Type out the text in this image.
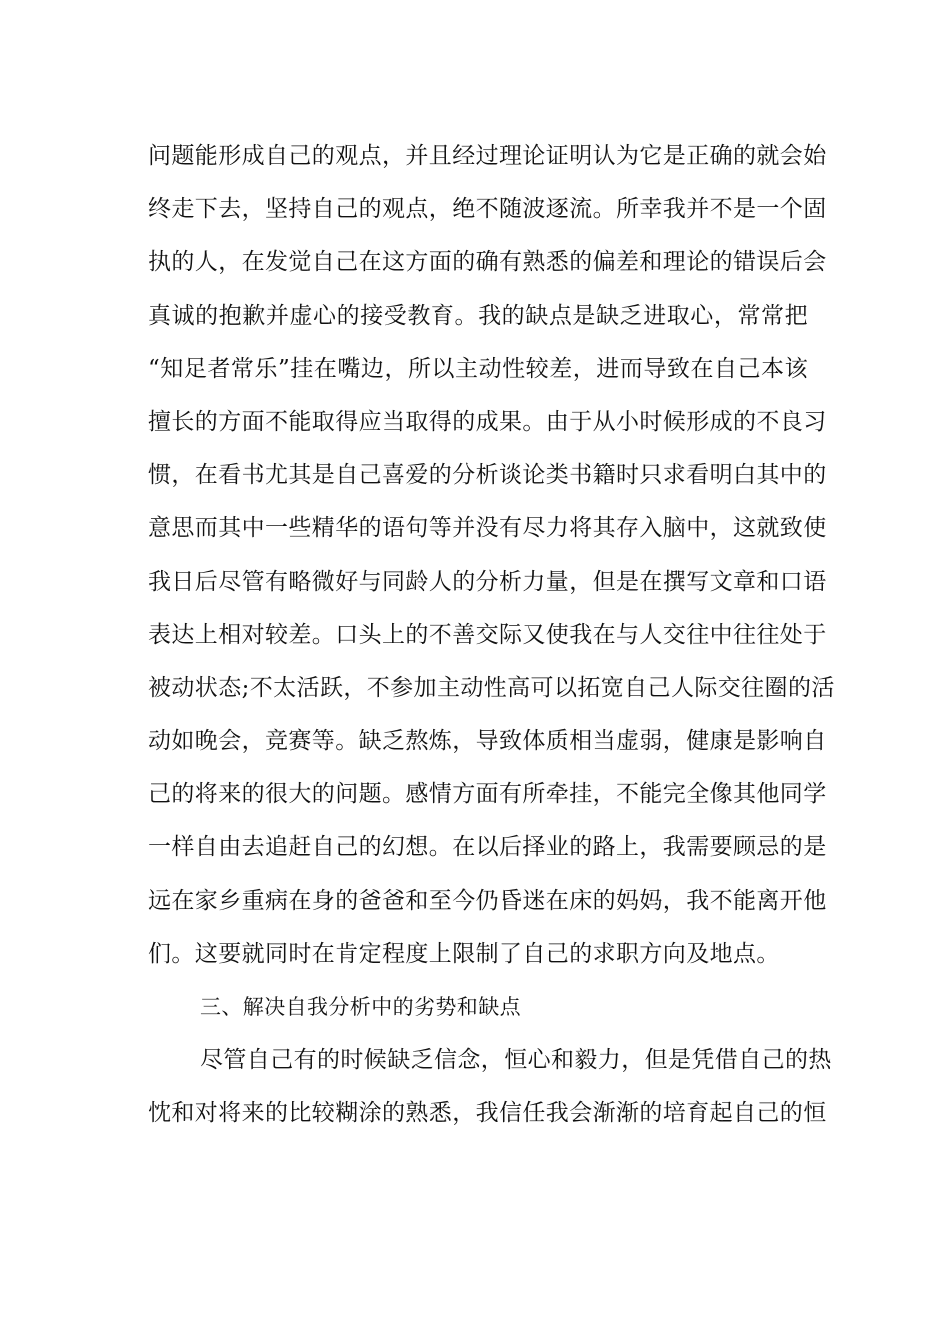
问题能形成自己的观点，并且经过理论证明认为它是正确的就会始
终走下去，坚持自己的观点，绝不随波逐流。所幸我并不是一个固
执的人，在发觉自己在这方面的确有熟悉的偏差和理论的错误后会
真诚的抱歉并虚心的接受教育。我的缺点是缺乏进取心，常常把
“知足者常乐”挂在嘴边，所以主动性较差，进而导致在自己本该
擅长的方面不能取得应当取得的成果。由于从小时候形成的不良习
惯，在看书尤其是自己喜爱的分析谈论类书籍时只求看明白其中的
意思而其中一些精华的语句等并没有尽力将其存入脑中，这就致使
我日后尽管有略微好与同龄人的分析力量，但是在撰写文章和口语
表达上相对较差。口头上的不善交际又使我在与人交往中往往处于
被动状态;不太活跃，不参加主动性高可以拓宽自己人际交往圈的活
动如晚会，竞赛等。缺乏熬炼，导致体质相当虚弱，健康是影响自
己的将来的很大的问题。感情方面有所牵挂，不能完全像其他同学
一样自由去追赶自己的幻想。在以后择业的路上，我需要顾忌的是
远在家乡重病在身的爸爸和至今仍昏迷在床的妈妈，我不能离开他
们。这要就同时在肯定程度上限制了自己的求职方向及地点。
三、解决自我分析中的劣势和缺点
尽管自己有的时候缺乏信念，恒心和毅力，但是凭借自己的热
忱和对将来的比较糊涂的熟悉，我信任我会渐渐的培育起自己的恒
